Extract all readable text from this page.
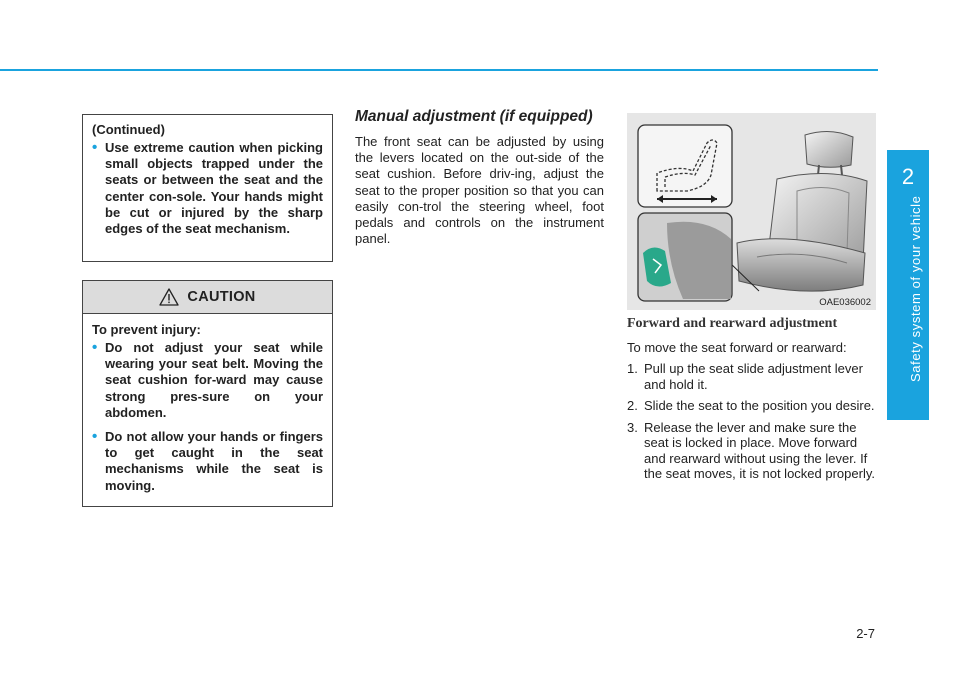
2
Safety system of your vehicle
(Continued)
• Use extreme caution when picking small objects trapped under the seats or between the seat and the center con-sole. Your hands might be cut or injured by the sharp edges of the seat mechanism.
CAUTION
To prevent injury:
• Do not adjust your seat while wearing your seat belt. Moving the seat cushion for-ward may cause strong pres-sure on your abdomen.
• Do not allow your hands or fingers to get caught in the seat mechanisms while the seat is moving.
Manual adjustment (if equipped)

The front seat can be adjusted by using the levers located on the out-side of the seat cushion. Before driv-ing, adjust the seat to the proper position so that you can easily con-trol the steering wheel, foot pedals and controls on the instrument panel.

OAE036002
Forward and rearward adjustment

To move the seat forward or rearward:

1. Pull up the seat slide adjustment lever and hold it.
2. Slide the seat to the position you desire.
3. Release the lever and make sure the seat is locked in place. Move forward and rearward without using the lever. If the seat moves, it is not locked properly.
2-7
